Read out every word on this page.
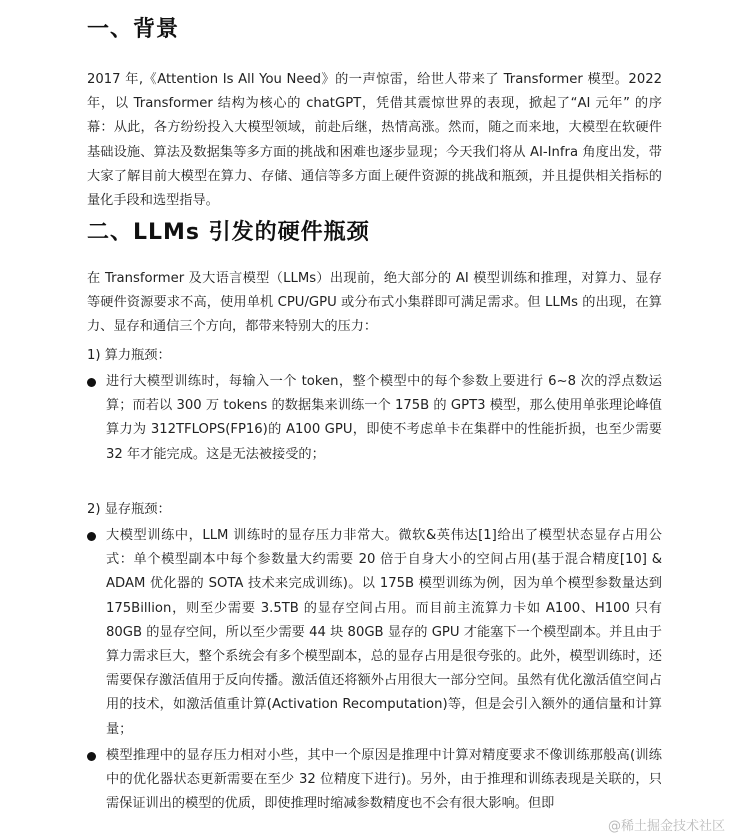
一、背景

2017 年,《Attention Is All You Need》的一声惊雷，给世人带来了 Transformer 模型。2022 年，以 Transformer 结构为核心的 chatGPT，凭借其震惊世界的表现，掀起了“AI 元年” 的序幕：从此，各方纷纷投入大模型领域，前赴后继，热情高涨。然而，随之而来地，大模型在软硬件基础设施、算法及数据集等多方面的挑战和困难也逐步显现；今天我们将从 AI-Infra 角度出发，带大家了解目前大模型在算力、存储、通信等多方面上硬件资源的挑战和瓶颈，并且提供相关指标的量化手段和选型指导。

二、LLMs 引发的硬件瓶颈

在 Transformer 及大语言模型（LLMs）出现前，绝大部分的 AI 模型训练和推理，对算力、显存等硬件资源要求不高，使用单机 CPU/GPU 或分布式小集群即可满足需求。但 LLMs 的出现，在算力、显存和通信三个方向，都带来特别大的压力：

1) 算力瓶颈：

进行大模型训练时，每输入一个 token，整个模型中的每个参数上要进行 6~8 次的浮点数运算；而若以 300 万 tokens 的数据集来训练一个 175B 的 GPT3 模型，那么使用单张理论峰值算力为 312TFLOPS(FP16)的 A100 GPU，即使不考虑单卡在集群中的性能折损，也至少需要 32 年才能完成。这是无法被接受的；

2) 显存瓶颈：

大模型训练中，LLM 训练时的显存压力非常大。微软&英伟达[1]给出了模型状态显存占用公式：单个模型副本中每个参数量大约需要 20 倍于自身大小的空间占用(基于混合精度[10] & ADAM 优化器的 SOTA 技术来完成训练)。以 175B 模型训练为例，因为单个模型参数量达到 175Billion，则至少需要 3.5TB 的显存空间占用。而目前主流算力卡如 A100、H100 只有 80GB 的显存空间，所以至少需要 44 块 80GB 显存的 GPU 才能塞下一个模型副本。并且由于算力需求巨大，整个系统会有多个模型副本，总的显存占用是很夸张的。此外，模型训练时，还需要保存激活值用于反向传播。激活值还将额外占用很大一部分空间。虽然有优化激活值空间占用的技术，如激活值重计算(Activation Recomputation)等，但是会引入额外的通信量和计算量；

模型推理中的显存压力相对小些，其中一个原因是推理中计算对精度要求不像训练那般高(训练中的优化器状态更新需要在至少 32 位精度下进行)。另外，由于推理和训练表现是关联的，只需保证训出的模型的优质，即使推理时缩减参数精度也不会有很大影响。但即

@稀土掘金技术社区
